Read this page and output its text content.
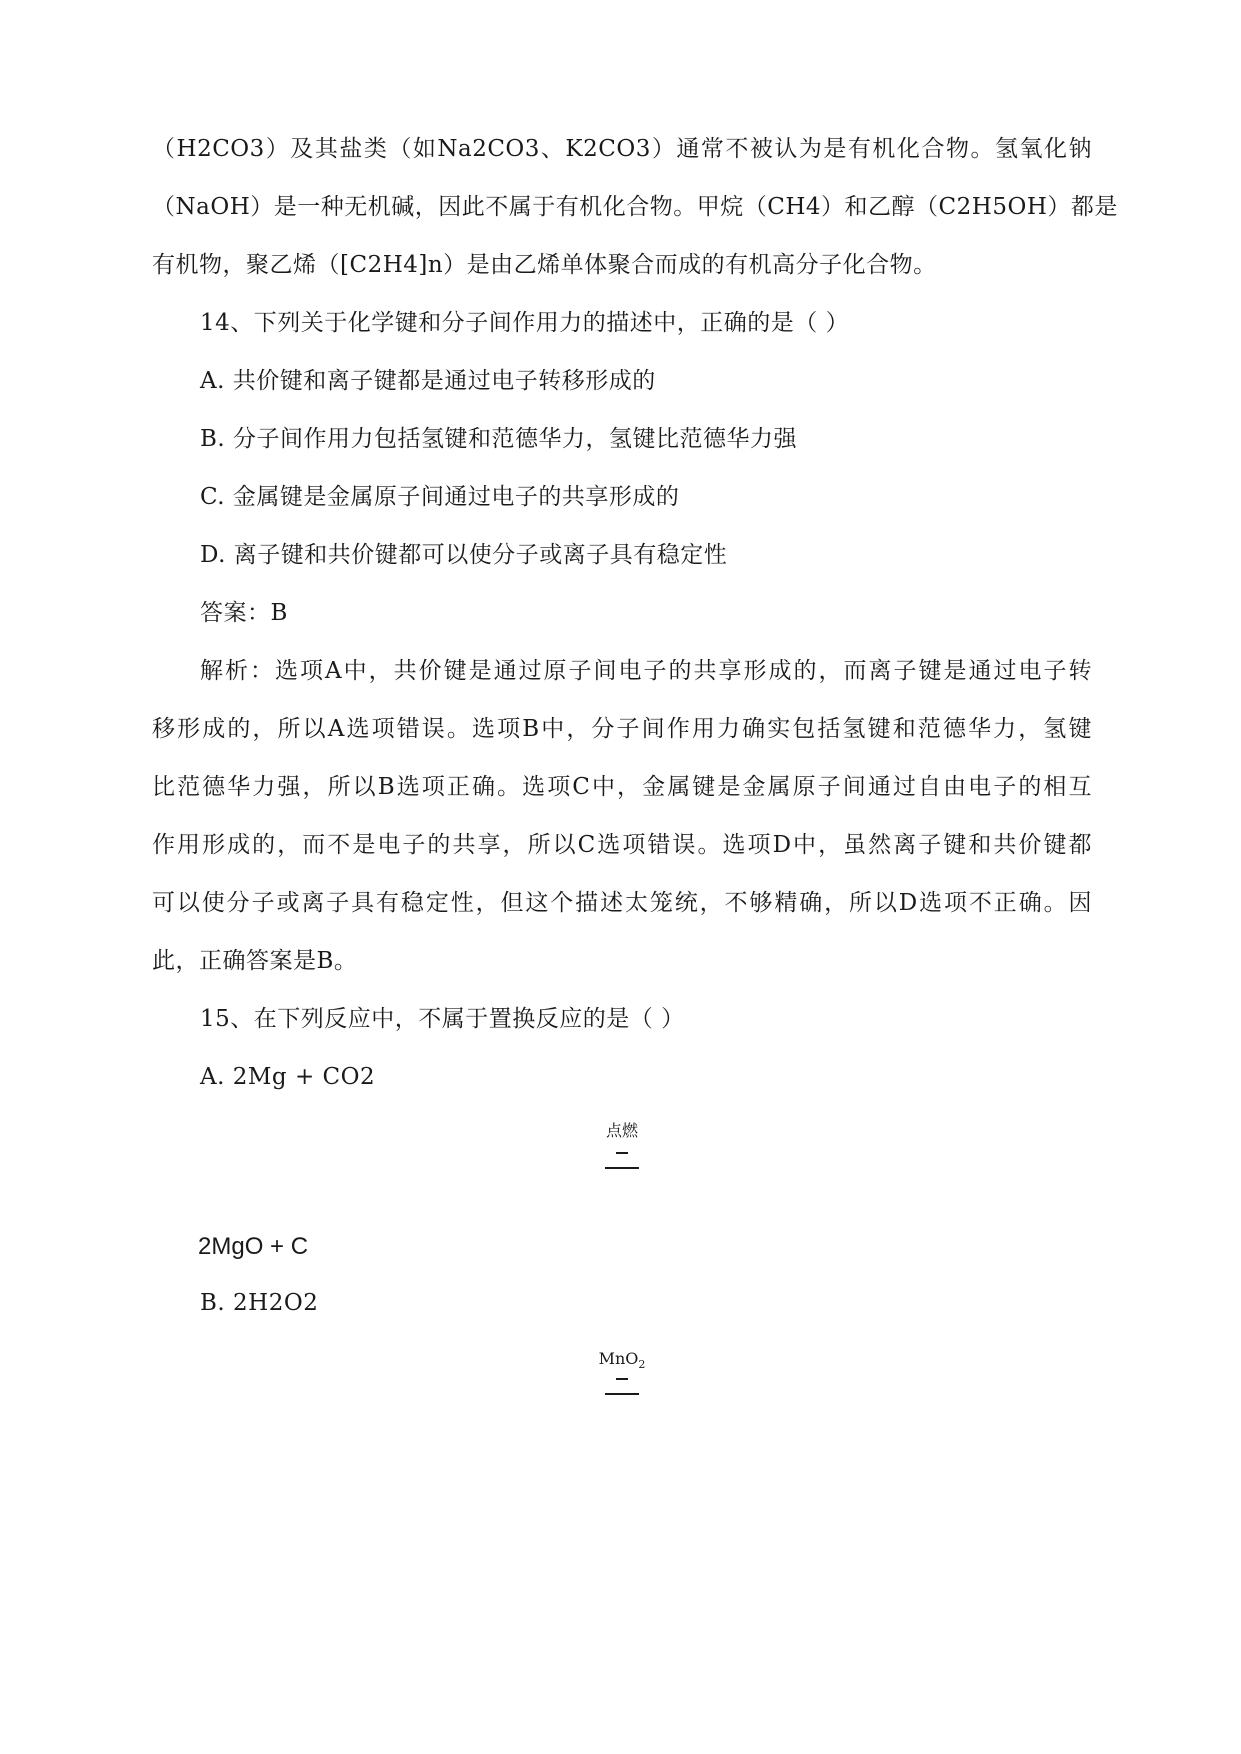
（H2CO3）及其盐类（如Na2CO3、K2CO3）通常不被认为是有机化合物。氢氧化钠
（NaOH）是一种无机碱，因此不属于有机化合物。甲烷（CH4）和乙醇（C2H5OH）都是
有机物，聚乙烯（[C2H4]n）是由乙烯单体聚合而成的有机高分子化合物。
14、下列关于化学键和分子间作用力的描述中，正确的是（ ）
A. 共价键和离子键都是通过电子转移形成的
B. 分子间作用力包括氢键和范德华力，氢键比范德华力强
C. 金属键是金属原子间通过电子的共享形成的
D. 离子键和共价键都可以使分子或离子具有稳定性
答案：B
解析：选项A中，共价键是通过原子间电子的共享形成的，而离子键是通过电子转
移形成的，所以A选项错误。选项B中，分子间作用力确实包括氢键和范德华力，氢键
比范德华力强，所以B选项正确。选项C中，金属键是金属原子间通过自由电子的相互
作用形成的，而不是电子的共享，所以C选项错误。选项D中，虽然离子键和共价键都
可以使分子或离子具有稳定性，但这个描述太笼统，不够精确，所以D选项不正确。因
此，正确答案是B。
15、在下列反应中，不属于置换反应的是（ ）
A. 2Mg + CO2
点燃
2MgO + C
B. 2H2O2
MnO$_2$
